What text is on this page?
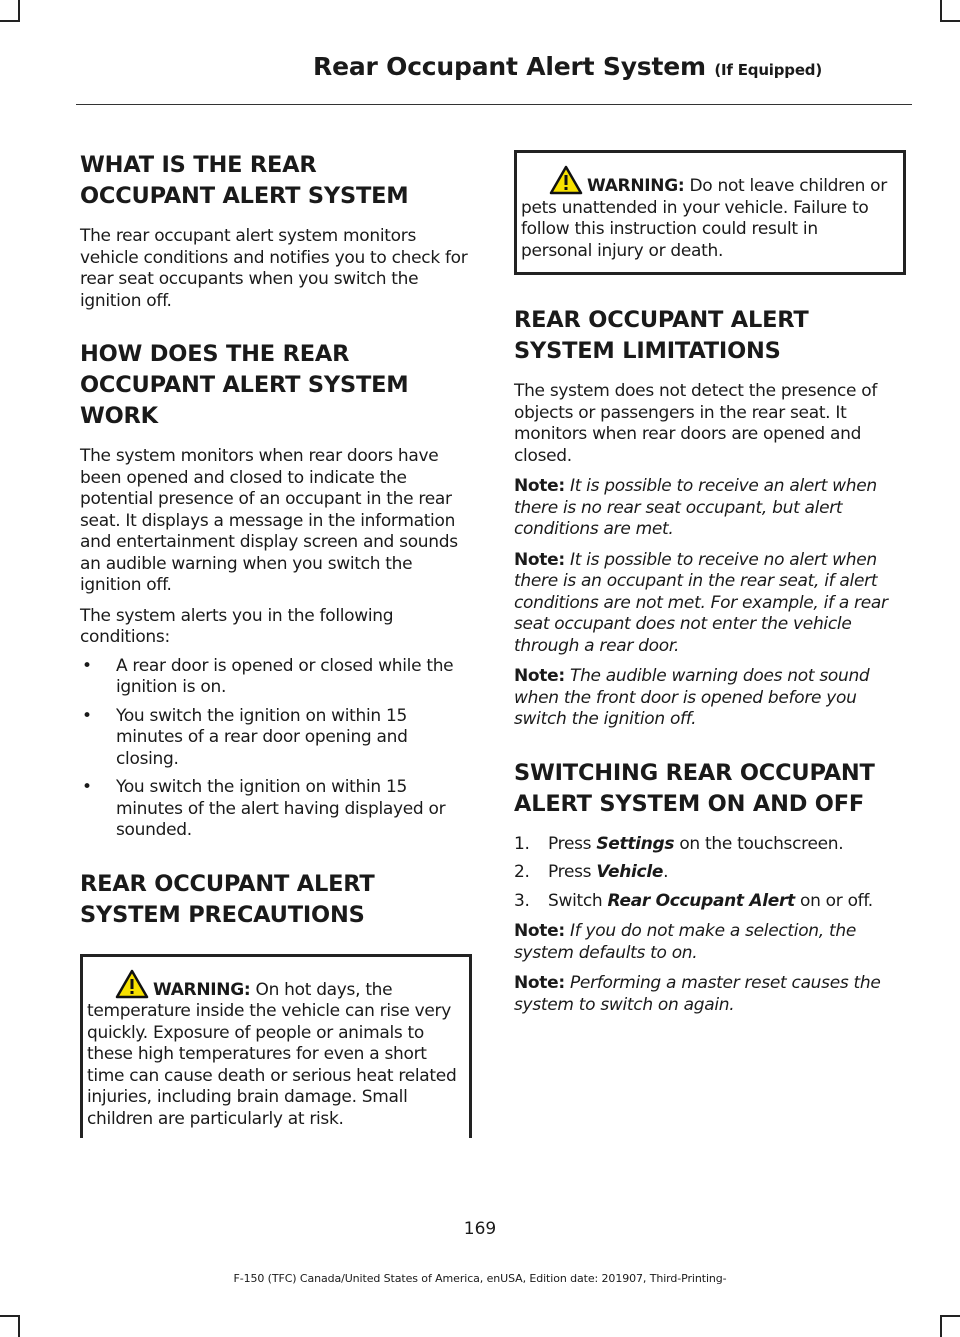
Rear Occupant Alert System (If Equipped)
WHAT IS THE REAR
OCCUPANT ALERT SYSTEM

The rear occupant alert system monitors vehicle conditions and notifies you to check for rear seat occupants when you switch the ignition off.

HOW DOES THE REAR
OCCUPANT ALERT SYSTEM
WORK

The system monitors when rear doors have been opened and closed to indicate the potential presence of an occupant in the rear seat. It displays a message in the information and entertainment display screen and sounds an audible warning when you switch the ignition off.

The system alerts you in the following conditions:

• A rear door is opened or closed while the ignition is on.
• You switch the ignition on within 15 minutes of a rear door opening and closing.
• You switch the ignition on within 15 minutes of the alert having displayed or sounded.
REAR OCCUPANT ALERT
SYSTEM PRECAUTIONS
WARNING: On hot days, the temperature inside the vehicle can rise very quickly. Exposure of people or animals to these high temperatures for even a short time can cause death or serious heat related injuries, including brain damage. Small children are particularly at risk.
WARNING: Do not leave children or pets unattended in your vehicle. Failure to follow this instruction could result in personal injury or death.
REAR OCCUPANT ALERT
SYSTEM LIMITATIONS

The system does not detect the presence of objects or passengers in the rear seat. It monitors when rear doors are opened and closed.

Note: It is possible to receive an alert when there is no rear seat occupant, but alert conditions are met.

Note: It is possible to receive no alert when there is an occupant in the rear seat, if alert conditions are not met. For example, if a rear seat occupant does not enter the vehicle through a rear door.

Note: The audible warning does not sound when the front door is opened before you switch the ignition off.

SWITCHING REAR OCCUPANT
ALERT SYSTEM ON AND OFF
1. Press Settings on the touchscreen.
2. Press Vehicle.
3. Switch Rear Occupant Alert on or off.

Note: If you do not make a selection, the system defaults to on.

Note: Performing a master reset causes the system to switch on again.

169
F-150 (TFC) Canada/United States of America, enUSA, Edition date: 201907, Third-Printing-
